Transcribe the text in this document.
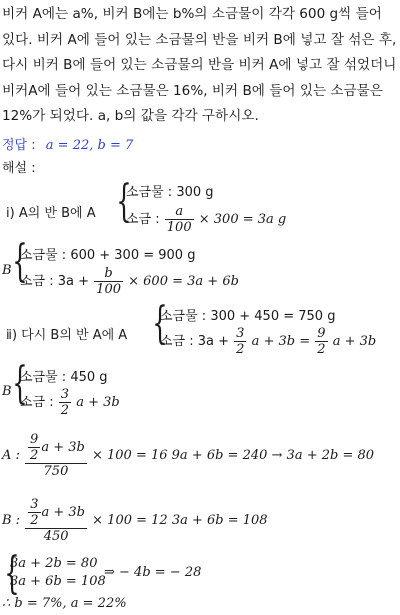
비커 A에는 a%, 비커 B에는 b%의 소금물이 각각 600 g씩 들어 있다. 비커 A에 들어 있는 소금물의 반을 비커 B에 넣고 잘 섞은 후, 다시 비커 B에 들어 있는 소금물의 반을 비커 A에 넣고 잘 섞었더니 비커A에 들어 있는 소금물은 16%, 비커 B에 들어 있는 소금물은 12%가 되었다. a, b의 값을 각각 구하시오.
정답 : a = 22, b = 7
해설 :
ⅰ) A의 반 B에 A {
소금물 : 300 g
소금 : $\frac{a}{100} \times 300 = 3a$ g
B {
소금물 : 600 + 300 = 900 g
소금 : $3a + \frac{b}{100} \times 600 = 3a + 6b$
ⅱ) 다시 B의 반 A에 A {
소금물 : 300 + 450 = 750 g
소금 : $3a + \frac{3}{2}$ $a + 3b = \frac{9}{2}$ a + 3b
B {
소금물 : 450 g
소금 : $\frac{3}{2}$ a + 3b
A : $\frac{\frac{9}{2} a + 3b}{750} \times 100 = 16$ 9a + 6b = 240 → 3a + 2b = 80
B : $\frac{\frac{3}{2} a + 3b}{450} \times 100 = 12$ 3a + 6b = 108
{
3a + 2b = 80
3a + 6b = 108
⇒ − 4b = − 28
∴ b = 7%, a = 22%
